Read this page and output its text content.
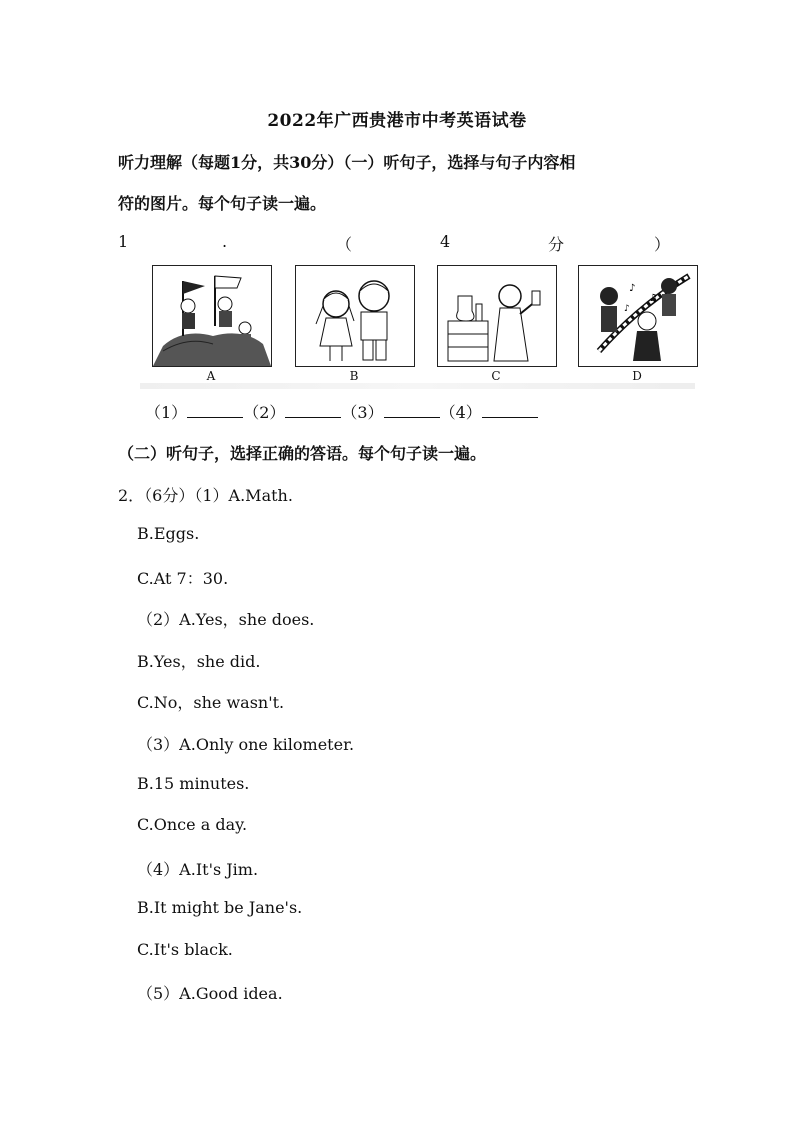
2022年广西贵港市中考英语试卷
听力理解（每题1分，共30分）（一）听句子，选择与句子内容相
符的图片。每个句子读一遍。
1	.	（	4	分	）
A	B	C
♪
♫
♪
D
（1）	（2）	（3）	（4）
（二）听句子，选择正确的答语。每个句子读一遍。
2．（6分）（1）A.Math.
B.Eggs.
C.At 7：30.
（2）A.Yes，she does.
B.Yes，she did.
C.No，she wasn't.
（3）A.Only one kilometer.
B.15 minutes.
C.Once a day.
（4）A.It's Jim.
B.It might be Jane's.
C.It's black.
（5）A.Good idea.
